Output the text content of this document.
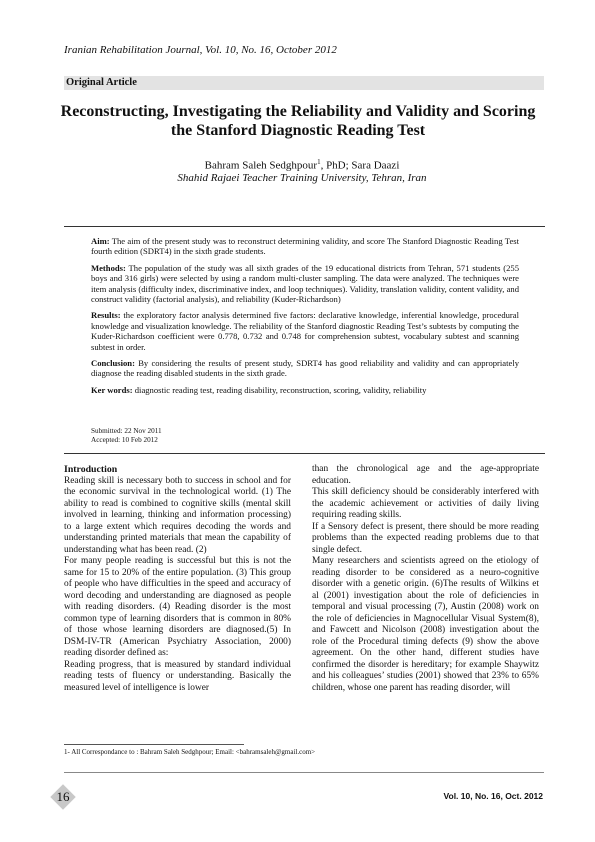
Iranian Rehabilitation Journal, Vol. 10, No. 16, October 2012
Original Article
Reconstructing, Investigating the Reliability and Validity and Scoring
the Stanford Diagnostic Reading Test
Bahram Saleh Sedghpour$^1$, PhD; Sara Daazi
Shahid Rajaei Teacher Training University, Tehran, Iran

Aim: The aim of the present study was to reconstruct determining validity, and score The Stanford Diagnostic Reading Test fourth edition (SDRT4) in the sixth grade students.

Methods: The population of the study was all sixth grades of the 19 educational districts from Tehran, 571 students (255 boys and 316 girls) were selected by using a random multi-cluster sampling. The data were analyzed. The techniques were item analysis (difficulty index, discriminative index, and loop techniques). Validity, translation validity, content validity, and construct validity (factorial analysis), and reliability (Kuder-Richardson)

Results: the exploratory factor analysis determined five factors: declarative knowledge, inferential knowledge, procedural knowledge and visualization knowledge. The reliability of the Stanford diagnostic Reading Test’s subtests by computing the Kuder-Richardson coefficient were 0.778, 0.732 and 0.748 for comprehension subtest, vocabulary subtest and scanning subtest in order.

Conclusion: By considering the results of present study, SDRT4 has good reliability and validity and can appropriately diagnose the reading disabled students in the sixth grade.

Ker words: diagnostic reading test, reading disability, reconstruction, scoring, validity, reliability

Submitted: 22 Nov 2011
Accepted: 10 Feb 2012
Introduction

Reading skill is necessary both to success in school and for the economic survival in the technological world. (1) The ability to read is combined to cognitive skills (mental skill involved in learning, thinking and information processing) to a large extent which requires decoding the words and understanding printed materials that mean the capability of understanding what has been read. (2)

For many people reading is successful but this is not the same for 15 to 20% of the entire population. (3) This group of people who have difficulties in the speed and accuracy of word decoding and understanding are diagnosed as people with reading disorders. (4) Reading disorder is the most common type of learning disorders that is common in 80% of those whose learning disorders are diagnosed.(5) In DSM-IV-TR (American Psychiatry Association, 2000) reading disorder defined as:

Reading progress, that is measured by standard individual reading tests of fluency or understanding. Basically the measured level of intelligence is lower

than the chronological age and the age-appropriate education.

This skill deficiency should be considerably interfered with the academic achievement or activities of daily living requiring reading skills.

If a Sensory defect is present, there should be more reading problems than the expected reading problems due to that single defect.

Many researchers and scientists agreed on the etiology of reading disorder to be considered as a neuro-cognitive disorder with a genetic origin. (6)The results of Wilkins et al (2001) investigation about the role of deficiencies in temporal and visual processing (7), Austin (2008) work on the role of deficiencies in Magnocellular Visual System(8), and Fawcett and Nicolson (2008) investigation about the role of the Procedural timing defects (9) show the above agreement. On the other hand, different studies have confirmed the disorder is hereditary; for example Shaywitz and his colleagues’ studies (2001) showed that 23% to 65% children, whose one parent has reading disorder, will

1- All Correspondance to : Bahram Saleh Sedghpour; Email: <bahramsaleh@gmail.com>
16	Vol. 10, No. 16, Oct. 2012
